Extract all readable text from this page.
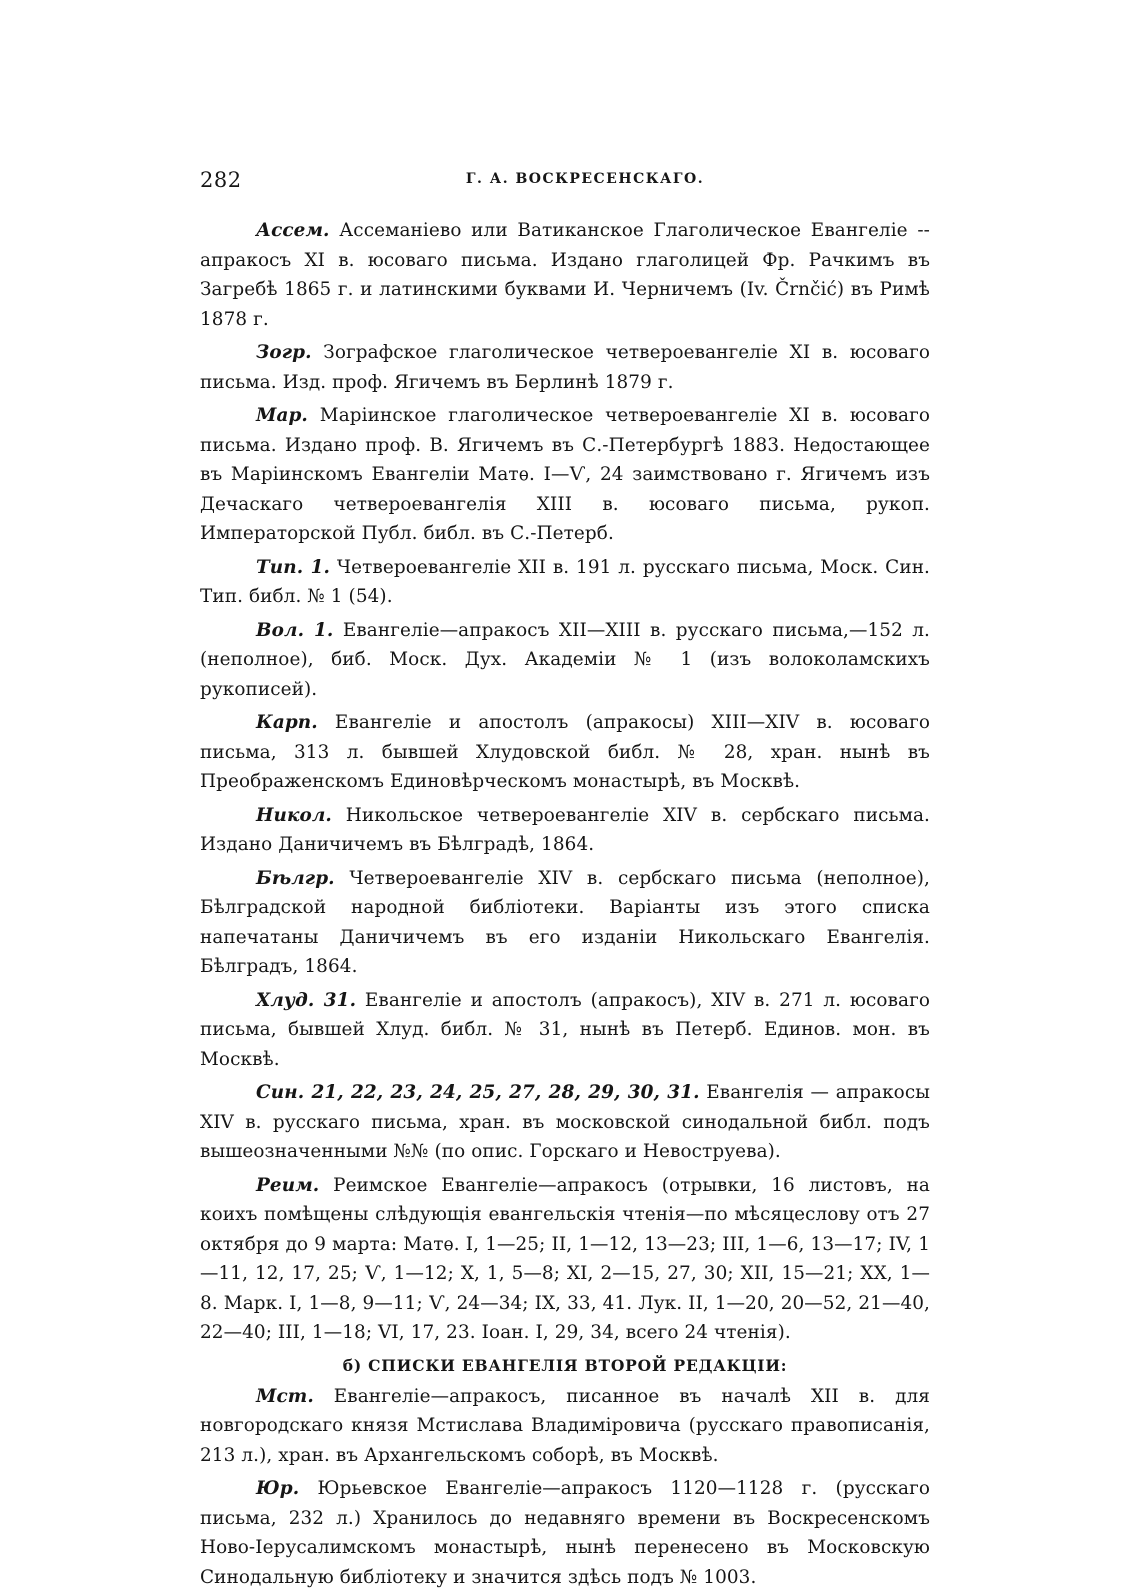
282	Г. А. ВОСКРЕСЕНСКАГО.

Ассем. Ассеманіево или Ватиканское Глаголическое Евангеліе -- апракосъ XI в. юсоваго письма. Издано глаголицей Фр. Рачкимъ въ Загребѣ 1865 г. и латинскими буквами И. Черничемъ (Iv. Črnčić) въ Римѣ 1878 г.

Зогр. Зографское глаголическое четвероевангеліе XI в. юсоваго письма. Изд. проф. Ягичемъ въ Берлинѣ 1879 г.

Мар. Маріинское глаголическое четвероевангеліе XI в. юсоваго письма. Издано проф. В. Ягичемъ въ С.-Петербургѣ 1883. Недостающее въ Маріинскомъ Евангеліи Матѳ. I—Ѵ, 24 заимствовано г. Ягичемъ изъ Дечаскаго четвероевангелія XIII в. юсоваго письма, рукоп. Императорской Публ. библ. въ С.-Петерб.

Тип. 1. Четвероевангеліе XII в. 191 л. русскаго письма, Моск. Син. Тип. библ. № 1 (54).

Вол. 1. Евангеліе—апракосъ XII—XIII в. русскаго письма,—152 л. (неполное), биб. Моск. Дух. Академіи № 1 (изъ волоколамскихъ рукописей).

Карп. Евангеліе и апостолъ (апракосы) XIII—XIV в. юсоваго письма, 313 л. бывшей Хлудовской библ. № 28, хран. нынѣ въ Преображенскомъ Единовѣрческомъ монастырѣ, въ Москвѣ.

Никол. Никольское четвероевангеліе XIV в. сербскаго письма. Издано Даничичемъ въ Бѣлградѣ, 1864.

Бѣлгр. Четвероевангеліе XIV в. сербскаго письма (неполное), Бѣлградской народной библіотеки. Варіанты изъ этого списка напечатаны Даничичемъ въ его изданіи Никольскаго Евангелія. Бѣлградъ, 1864.

Хлуд. 31. Евангеліе и апостолъ (апракосъ), XIV в. 271 л. юсоваго письма, бывшей Хлуд. библ. № 31, нынѣ въ Петерб. Единов. мон. въ Москвѣ.

Син. 21, 22, 23, 24, 25, 27, 28, 29, 30, 31. Евангелія — апракосы XIV в. русскаго письма, хран. въ московской синодальной библ. подъ вышеозначенными №№ (по опис. Горскаго и Невоструева).

Реим. Реимское Евангеліе—апракосъ (отрывки, 16 листовъ, на коихъ помѣщены слѣдующія евангельскія чтенія—по мѣсяцеслову отъ 27 октября до 9 марта: Матѳ. I, 1—25; II, 1—12, 13—23; III, 1—6, 13—17; IV, 1—11, 12, 17, 25; Ѵ, 1—12; X, 1, 5—8; XI, 2—15, 27, 30; XII, 15—21; XX, 1—8. Марк. I, 1—8, 9—11; Ѵ, 24—34; IX, 33, 41. Лук. II, 1—20, 20—52, 21—40, 22—40; III, 1—18; VI, 17, 23. Іоан. I, 29, 34, всего 24 чтенія).

б) СПИСКИ ЕВАНГЕЛІЯ ВТОРОЙ РЕДАКЦІИ:

Мст. Евангеліе—апракосъ, писанное въ началѣ XII в. для новгородскаго князя Мстислава Владиміровича (русскаго правописанія, 213 л.), хран. въ Архангельскомъ соборѣ, въ Москвѣ.

Юр. Юрьевское Евангеліе—апракосъ 1120—1128 г. (русскаго письма, 232 л.) Хранилось до недавняго времени въ Воскресенскомъ Ново-Іерусалимскомъ монастырѣ, нынѣ перенесено въ Московскую Синодальную библіотеку и значится здѣсь подъ № 1003.
